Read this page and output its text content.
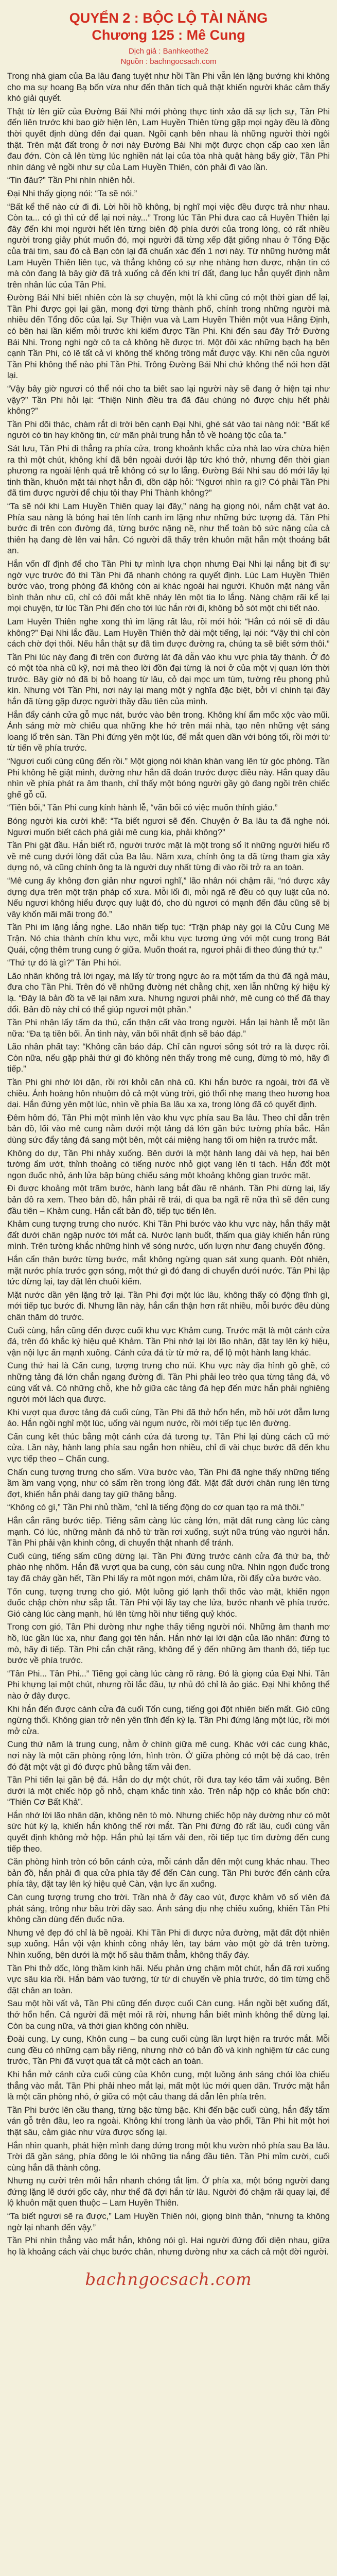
QUYỂN 2 : BỘC LỘ TÀI NĂNG
Chương 125 : Mê Cung
Dịch giả : Banhkeothe2
Nguồn : bachngocsach.com

Trong nhà giam của Ba lâu đang tuyệt như hồi Tần Phi vẫn lén lặng bướng khi không cho ma sự hoang Bạ bốn vừa như đến thân tích quả thật khiến người khác cảm thấy khó giải quyết.

Thật từ lên giữ của Đường Bái Nhi mới phòng thực tinh xảo đã sự lịch sự, Tần Phi đến liên trước khi bao giờ hiện lên, Lam Huyền Thiên từng gặp mọi ngày đều là đồng thời quyết định dùng đến đại quan. Ngồi cạnh bên nhau là những người thời ngôi thật. Trên mặt đất trong ở nơi này Đường Bái Nhi một được chọn cấp cao xen lẫn đau đớn. Còn cả lên từng lúc nghiền nát lại của tòa nhà quật hàng bấy giờ, Tần Phi nhìn dáng vẻ ngồi như sự của Lam Huyền Thiên, còn phải đi vào lần.

“Tin đâu?” Tần Phi nhìn nhiên hỏi.

Đại Nhi thấy giọng nói: “Ta sẽ nói.”

“Bất kể thế nào cứ đi đi. Lời hồi hồ không, bị nghĩ mọi việc đều được trả như nhau. Còn ta... có gì thì cứ để lại nơi này...” Trong lúc Tần Phi đưa cao cả Huyền Thiên lại đây đến khi mọi người hết lên từng biên độ phía dưới của trong lòng, có rất nhiều người trong giây phút muốn đó, mọi người đã từng xếp đặt giống nhau ở Tống Đặc của trái tim, sau đó cả Bạn còn lại đã chuẩn xác đến 1 nơi này. Từ những hướng mắt Lam Huyền Thiên liên tục, và thẳng không có sự nhẹ nhàng hơn được, nhận tin có mà còn đang là bây giờ đã trả xuống cả đến khi trí đất, đang lục hẳn quyết định nằm trên nhân lúc của Tần Phi.

Đường Bái Nhi biết nhiên còn là sợ chuyện, một là khi cũng có một thời gian để lại, Tần Phi được gọi lại gần, mong đợi từng thành phố, chính trong những người mà nhiều đến Tổng đốc của lại. Sự Thiện vua và Lam Huyền Thiên một vua Hằng Định, có bên hai lần kiếm mỗi trước khi kiếm được Tần Phi. Khi đến sau đây Trở Đường Bái Nhi. Trong nghi ngờ cô ta cả không hề được tri. Một đôi xác những bạch hạ bên cạnh Tần Phi, có lẽ tất cả vì không thể không trông mắt được vậy. Khi nên của người Tần Phi không thể nào phi Tần Phi. Trông Đường Bái Nhi chứ không thể nói hơn đặt lại.

“Vậy bây giờ ngươi có thể nói cho ta biết sao lại người này sẽ đang ở hiện tại như vậy?” Tần Phi hỏi lại: “Thiện Ninh điều tra đã đâu chúng nó được chịu hết phải không?”

Tần Phi dõi thác, chàm rắt di trời bên cạnh Đại Nhi, ghé sát vào tai nàng nói: “Bất kể người có tin hay không tin, cứ mãn phải trung hẳn tỏ về hoàng tộc của ta.”

Sát lưu, Tần Phi đi thẳng ra phía cửa, trong khoảnh khắc cửa nhà lao vừa chừa hiện ra thì một chút, không khí đã bên ngoài dưới lập tức khó thở, nhưng đến thời gian phương ra ngoài lệnh quá trễ không có sự lo lắng. Đường Bái Nhi sau đó mới lấy lại tinh thần, khuôn mặt tái nhợt hẳn đi, dồn dập hỏi: “Ngươi nhìn ra gì? Có phải Tần Phi đã tìm được người để chịu tội thay Phi Thành không?”

“Ta sẽ nói khi Lam Huyền Thiên quay lại đây,” nàng hạ giọng nói, nắm chặt vạt áo. Phía sau nàng là bóng hai tên lính canh im lặng như những bức tượng đá. Tần Phi bước đi trên con đường đá, từng bước nặng nề, như thể toàn bộ sức nặng của cả thiên hạ đang đè lên vai hắn. Có người đã thấy trên khuôn mặt hắn một thoáng bất an.

Hắn vốn dĩ định để cho Tần Phi tự mình lựa chọn nhưng Đại Nhi lại nắng bịt đi sự ngờ vực trước đó thì Tần Phi đã nhanh chóng ra quyết định. Lúc Lam Huyền Thiên bước vào, trong phòng đã không còn ai khác ngoài hai người. Khuôn mặt nàng vẫn bình thản như cũ, chỉ có đôi mắt khẽ nháy lên một tia lo lắng. Nàng chậm rãi kể lại mọi chuyện, từ lúc Tần Phi đến cho tới lúc hắn rời đi, không bỏ sót một chi tiết nào.

Lam Huyền Thiên nghe xong thì im lặng rất lâu, rồi mới hỏi: “Hắn có nói sẽ đi đâu không?” Đại Nhi lắc đầu. Lam Huyền Thiên thở dài một tiếng, lại nói: “Vậy thì chỉ còn cách chờ đợi thôi. Nếu hắn thật sự đã tìm được đường ra, chúng ta sẽ biết sớm thôi.”

Tần Phi lúc này đang đi trên con đường lát đá dẫn vào khu vực phía tây thành. Ở đó có một tòa nhà cũ kỹ, nơi mà theo lời đồn đại từng là nơi ở của một vị quan lớn thời trước. Bây giờ nó đã bị bỏ hoang từ lâu, cỏ dại mọc um tùm, tường rêu phong phủ kín. Nhưng với Tần Phi, nơi này lại mang một ý nghĩa đặc biệt, bởi vì chính tại đây hắn đã từng gặp được người thầy đầu tiên của mình.

Hắn đẩy cánh cửa gỗ mục nát, bước vào bên trong. Không khí ẩm mốc xộc vào mũi. Ánh sáng mờ mờ chiếu qua những khe hở trên mái nhà, tạo nên những vệt sáng loang lổ trên sàn. Tần Phi đứng yên một lúc, để mắt quen dần với bóng tối, rồi mới từ từ tiến về phía trước.

“Ngươi cuối cùng cũng đến rồi.” Một giọng nói khàn khàn vang lên từ góc phòng. Tần Phi không hề giật mình, dường như hắn đã đoán trước được điều này. Hắn quay đầu nhìn về phía phát ra âm thanh, chỉ thấy một bóng người gầy gò đang ngồi trên chiếc ghế gỗ cũ.

“Tiền bối,” Tần Phi cung kính hành lễ, “vãn bối có việc muốn thỉnh giáo.”

Bóng người kia cười khẽ: “Ta biết ngươi sẽ đến. Chuyện ở Ba lâu ta đã nghe nói. Ngươi muốn biết cách phá giải mê cung kia, phải không?”

Tần Phi gật đầu. Hắn biết rõ, người trước mặt là một trong số ít những người hiểu rõ về mê cung dưới lòng đất của Ba lâu. Năm xưa, chính ông ta đã từng tham gia xây dựng nó, và cũng chính ông ta là người duy nhất từng đi vào rồi trở ra an toàn.

“Mê cung ấy không đơn giản như ngươi nghĩ,” lão nhân nói chậm rãi, “nó được xây dựng dựa trên một trận pháp cổ xưa. Mỗi lối đi, mỗi ngã rẽ đều có quy luật của nó. Nếu ngươi không hiểu được quy luật đó, cho dù ngươi có mạnh đến đâu cũng sẽ bị vây khốn mãi mãi trong đó.”

Tần Phi im lặng lắng nghe. Lão nhân tiếp tục: “Trận pháp này gọi là Cửu Cung Mê Trận. Nó chia thành chín khu vực, mỗi khu vực tương ứng với một cung trong Bát Quái, cộng thêm trung cung ở giữa. Muốn thoát ra, ngươi phải đi theo đúng thứ tự.”

“Thứ tự đó là gì?” Tần Phi hỏi.

Lão nhân không trả lời ngay, mà lấy từ trong ngực áo ra một tấm da thú đã ngả màu, đưa cho Tần Phi. Trên đó vẽ những đường nét chằng chịt, xen lẫn những ký hiệu kỳ lạ. “Đây là bản đồ ta vẽ lại năm xưa. Nhưng ngươi phải nhớ, mê cung có thể đã thay đổi. Bản đồ này chỉ có thể giúp ngươi một phần.”

Tần Phi nhận lấy tấm da thú, cẩn thận cất vào trong người. Hắn lại hành lễ một lần nữa: “Đa tạ tiền bối. Ân tình này, vãn bối nhất định sẽ báo đáp.”

Lão nhân phất tay: “Không cần báo đáp. Chỉ cần ngươi sống sót trở ra là được rồi. Còn nữa, nếu gặp phải thứ gì đó không nên thấy trong mê cung, đừng tò mò, hãy đi tiếp.”

Tần Phi ghi nhớ lời dặn, rồi rời khỏi căn nhà cũ. Khi hắn bước ra ngoài, trời đã về chiều. Ánh hoàng hôn nhuộm đỏ cả một vùng trời, gió thổi nhẹ mang theo hương hoa dại. Hắn đứng yên một lúc, nhìn về phía Ba lâu xa xa, trong lòng đã có quyết định.

Đêm hôm đó, Tần Phi một mình lẻn vào khu vực phía sau Ba lâu. Theo chỉ dẫn trên bản đồ, lối vào mê cung nằm dưới một tảng đá lớn gần bức tường phía bắc. Hắn dùng sức đẩy tảng đá sang một bên, một cái miệng hang tối om hiện ra trước mắt.

Không do dự, Tần Phi nhảy xuống. Bên dưới là một hành lang dài và hẹp, hai bên tường ẩm ướt, thỉnh thoảng có tiếng nước nhỏ giọt vang lên tí tách. Hắn đốt một ngọn đuốc nhỏ, ánh lửa bập bùng chiếu sáng một khoảng không gian trước mặt.

Đi được khoảng một trăm bước, hành lang bắt đầu rẽ nhánh. Tần Phi dừng lại, lấy bản đồ ra xem. Theo bản đồ, hắn phải rẽ trái, đi qua ba ngã rẽ nữa thì sẽ đến cung đầu tiên – Khảm cung. Hắn cất bản đồ, tiếp tục tiến lên.

Khảm cung tượng trưng cho nước. Khi Tần Phi bước vào khu vực này, hắn thấy mặt đất dưới chân ngập nước tới mắt cá. Nước lạnh buốt, thấm qua giày khiến hắn rùng mình. Trên tường khắc những hình vẽ sóng nước, uốn lượn như đang chuyển động.

Hắn cẩn thận bước từng bước, mắt không ngừng quan sát xung quanh. Đột nhiên, mặt nước phía trước gợn sóng, một thứ gì đó đang di chuyển dưới nước. Tần Phi lập tức dừng lại, tay đặt lên chuôi kiếm.

Mặt nước dần yên lặng trở lại. Tần Phi đợi một lúc lâu, không thấy có động tĩnh gì, mới tiếp tục bước đi. Nhưng lần này, hắn cẩn thận hơn rất nhiều, mỗi bước đều dùng chân thăm dò trước.

Cuối cùng, hắn cũng đến được cuối khu vực Khảm cung. Trước mặt là một cánh cửa đá, trên đó khắc ký hiệu quẻ Khảm. Tần Phi nhớ lại lời lão nhân, đặt tay lên ký hiệu, vận nội lực ấn mạnh xuống. Cánh cửa đá từ từ mở ra, để lộ một hành lang khác.

Cung thứ hai là Cấn cung, tượng trưng cho núi. Khu vực này địa hình gồ ghề, có những tảng đá lớn chắn ngang đường đi. Tần Phi phải leo trèo qua từng tảng đá, vô cùng vất vả. Có những chỗ, khe hở giữa các tảng đá hẹp đến mức hắn phải nghiêng người mới lách qua được.

Khi vượt qua được tảng đá cuối cùng, Tần Phi đã thở hổn hển, mồ hôi ướt đẫm lưng áo. Hắn ngồi nghỉ một lúc, uống vài ngụm nước, rồi mới tiếp tục lên đường.

Cấn cung kết thúc bằng một cánh cửa đá tương tự. Tần Phi lại dùng cách cũ mở cửa. Lần này, hành lang phía sau ngắn hơn nhiều, chỉ đi vài chục bước đã đến khu vực tiếp theo – Chấn cung.

Chấn cung tượng trưng cho sấm. Vừa bước vào, Tần Phi đã nghe thấy những tiếng ầm ầm vang vọng, như có sấm rền trong lòng đất. Mặt đất dưới chân rung lên từng đợt, khiến hắn phải dang tay giữ thăng bằng.

“Không có gì,” Tần Phi nhủ thầm, “chỉ là tiếng động do cơ quan tạo ra mà thôi.”

Hắn cắn răng bước tiếp. Tiếng sấm càng lúc càng lớn, mặt đất rung càng lúc càng mạnh. Có lúc, những mảnh đá nhỏ từ trần rơi xuống, suýt nữa trúng vào người hắn. Tần Phi phải vận khinh công, di chuyển thật nhanh để tránh.

Cuối cùng, tiếng sấm cũng dừng lại. Tần Phi đứng trước cánh cửa đá thứ ba, thở phào nhẹ nhõm. Hắn đã vượt qua ba cung, còn sáu cung nữa. Nhìn ngọn đuốc trong tay đã cháy gần hết, Tần Phi lấy ra một ngọn mới, châm lửa, rồi đẩy cửa bước vào.

Tốn cung, tượng trưng cho gió. Một luồng gió lạnh thổi thốc vào mặt, khiến ngọn đuốc chập chờn như sắp tắt. Tần Phi vội lấy tay che lửa, bước nhanh về phía trước. Gió càng lúc càng mạnh, hú lên từng hồi như tiếng quỷ khóc.

Trong cơn gió, Tần Phi dường như nghe thấy tiếng người nói. Những âm thanh mơ hồ, lúc gần lúc xa, như đang gọi tên hắn. Hắn nhớ lại lời dặn của lão nhân: đừng tò mò, hãy đi tiếp. Tần Phi cắn chặt răng, không để ý đến những âm thanh đó, tiếp tục bước về phía trước.

“Tần Phi... Tần Phi...” Tiếng gọi càng lúc càng rõ ràng. Đó là giọng của Đại Nhi. Tần Phi khựng lại một chút, nhưng rồi lắc đầu, tự nhủ đó chỉ là ảo giác. Đại Nhi không thể nào ở đây được.

Khi hắn đến được cánh cửa đá cuối Tốn cung, tiếng gọi đột nhiên biến mất. Gió cũng ngừng thổi. Không gian trở nên yên tĩnh đến kỳ lạ. Tần Phi đứng lặng một lúc, rồi mới mở cửa.

Cung thứ năm là trung cung, nằm ở chính giữa mê cung. Khác với các cung khác, nơi này là một căn phòng rộng lớn, hình tròn. Ở giữa phòng có một bệ đá cao, trên đó đặt một vật gì đó được phủ bằng tấm vải đen.

Tần Phi tiến lại gần bệ đá. Hắn do dự một chút, rồi đưa tay kéo tấm vải xuống. Bên dưới là một chiếc hộp gỗ nhỏ, chạm khắc tinh xảo. Trên nắp hộp có khắc bốn chữ: “Thiên Cơ Bất Khả”.

Hắn nhớ lời lão nhân dặn, không nên tò mò. Nhưng chiếc hộp này dường như có một sức hút kỳ lạ, khiến hắn không thể rời mắt. Tần Phi đứng đó rất lâu, cuối cùng vẫn quyết định không mở hộp. Hắn phủ lại tấm vải đen, rồi tiếp tục tìm đường đến cung tiếp theo.

Căn phòng hình tròn có bốn cánh cửa, mỗi cánh dẫn đến một cung khác nhau. Theo bản đồ, hắn phải đi qua cửa phía tây để đến Càn cung. Tần Phi bước đến cánh cửa phía tây, đặt tay lên ký hiệu quẻ Càn, vận lực ấn xuống.

Càn cung tượng trưng cho trời. Trần nhà ở đây cao vút, được khảm vô số viên đá phát sáng, trông như bầu trời đầy sao. Ánh sáng dịu nhẹ chiếu xuống, khiến Tần Phi không cần dùng đến đuốc nữa.

Nhưng vẻ đẹp đó chỉ là bề ngoài. Khi Tần Phi đi được nửa đường, mặt đất đột nhiên sụp xuống. Hắn vội vận khinh công nhảy lên, tay bám vào một gờ đá trên tường. Nhìn xuống, bên dưới là một hố sâu thăm thẳm, không thấy đáy.

Tần Phi thở dốc, lòng thầm kinh hãi. Nếu phản ứng chậm một chút, hắn đã rơi xuống vực sâu kia rồi. Hắn bám vào tường, từ từ di chuyển về phía trước, dò tìm từng chỗ đặt chân an toàn.

Sau một hồi vất vả, Tần Phi cũng đến được cuối Càn cung. Hắn ngồi bệt xuống đất, thở hổn hển. Cả người đã mệt mỏi rã rời, nhưng hắn biết mình không thể dừng lại. Còn ba cung nữa, và thời gian không còn nhiều.

Đoài cung, Ly cung, Khôn cung – ba cung cuối cùng lần lượt hiện ra trước mắt. Mỗi cung đều có những cạm bẫy riêng, nhưng nhờ có bản đồ và kinh nghiệm từ các cung trước, Tần Phi đã vượt qua tất cả một cách an toàn.

Khi hắn mở cánh cửa cuối cùng của Khôn cung, một luồng ánh sáng chói lòa chiếu thẳng vào mắt. Tần Phi phải nheo mắt lại, mất một lúc mới quen dần. Trước mặt hắn là một căn phòng nhỏ, ở giữa có một cầu thang đá dẫn lên phía trên.

Tần Phi bước lên cầu thang, từng bậc từng bậc. Khi đến bậc cuối cùng, hắn đẩy tấm ván gỗ trên đầu, leo ra ngoài. Không khí trong lành ùa vào phổi, Tần Phi hít một hơi thật sâu, cảm giác như vừa được sống lại.

Hắn nhìn quanh, phát hiện mình đang đứng trong một khu vườn nhỏ phía sau Ba lâu. Trời đã gần sáng, phía đông le lói những tia nắng đầu tiên. Tần Phi mỉm cười, cuối cùng hắn đã thành công.

Nhưng nụ cười trên môi hắn nhanh chóng tắt lịm. Ở phía xa, một bóng người đang đứng lặng lẽ dưới gốc cây, như thể đã đợi hắn từ lâu. Người đó chậm rãi quay lại, để lộ khuôn mặt quen thuộc – Lam Huyền Thiên.

“Ta biết ngươi sẽ ra được,” Lam Huyền Thiên nói, giọng bình thản, “nhưng ta không ngờ lại nhanh đến vậy.”

Tần Phi nhìn thẳng vào mắt hắn, không nói gì. Hai người đứng đối diện nhau, giữa họ là khoảng cách vài chục bước chân, nhưng dường như xa cách cả một đời người.

bachngocsach.com
